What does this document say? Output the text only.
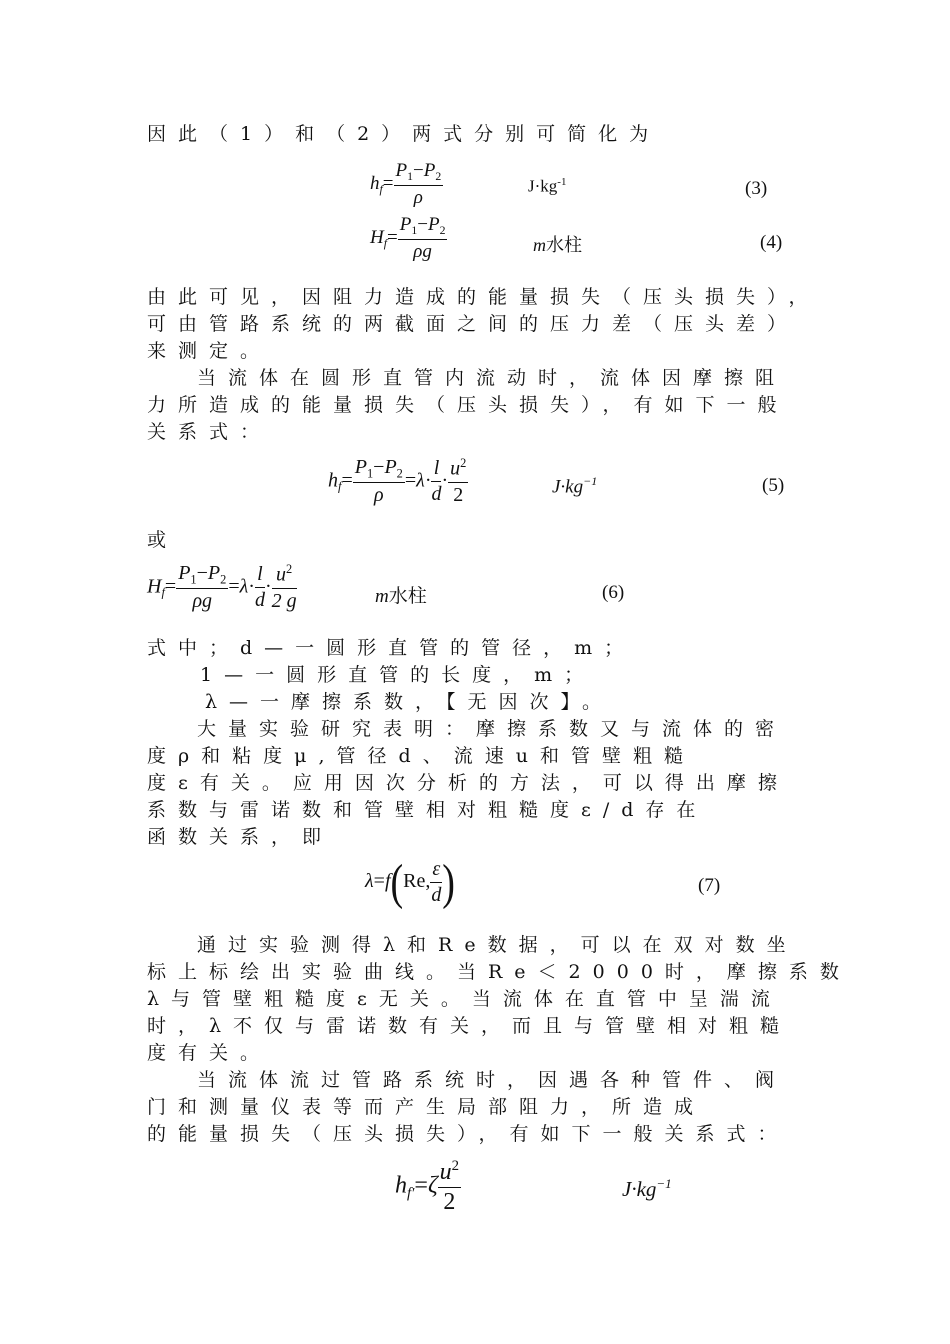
因此（1）和（2）两式分别可简化为
$h_f= \frac{P_1-P_2}{\rho}$	$J\cdot kg^{-1}$	(3)
$H_f= \frac{P_1-P_2}{\rho g}$	m水柱	(4)
由此可见，因阻力造成的能量损失（压头损失），
可由管路系统的两截面之间的压力差（压头差）
来测定。
当流体在圆形直管内流动时，流体因摩擦阻
力所造成的能量损失（压头损失），有如下一般
关系式：
$h_f= \frac{P_1-P_2}{\rho} =\lambda\cdot \frac{l}{d} \cdot \frac{u^2}{2}$	$J\cdot kg^{-1}$	(5)
或
$H_f= \frac{P_1-P_2}{\rho g} =\lambda\cdot \frac{l}{d} \cdot \frac{u^2}{2 g}$	m水柱	(6)
式中；d—一圆形直管的管径，m；
1—一圆形直管的长度，m；
λ—一摩擦系数，【无因次】。
大量实验研究表明：摩擦系数又与流体的密
度ρ和粘度μ,管径d、流速u和管壁粗糙
度ε有关。应用因次分析的方法，可以得出摩擦
系数与雷诺数和管壁相对粗糙度ε/d存在
函数关系，即
λ=f(Re, $\frac{\varepsilon}{d}$ )	(7)
通过实验测得λ和Re数据，可以在双对数坐
标上标绘出实验曲线。当Re＜2000时，摩擦系数
λ与管壁粗糙度ε无关。当流体在直管中呈湍流
时，λ不仅与雷诺数有关，而且与管壁相对粗糙
度有关。
当流体流过管路系统时，因遇各种管件、阀
门和测量仪表等而产生局部阻力，所造成
的能量损失（压头损失），有如下一般关系式：
$h_{f'}=\zeta \frac{u^2}{2}$	$J\cdot kg^{-1}$
